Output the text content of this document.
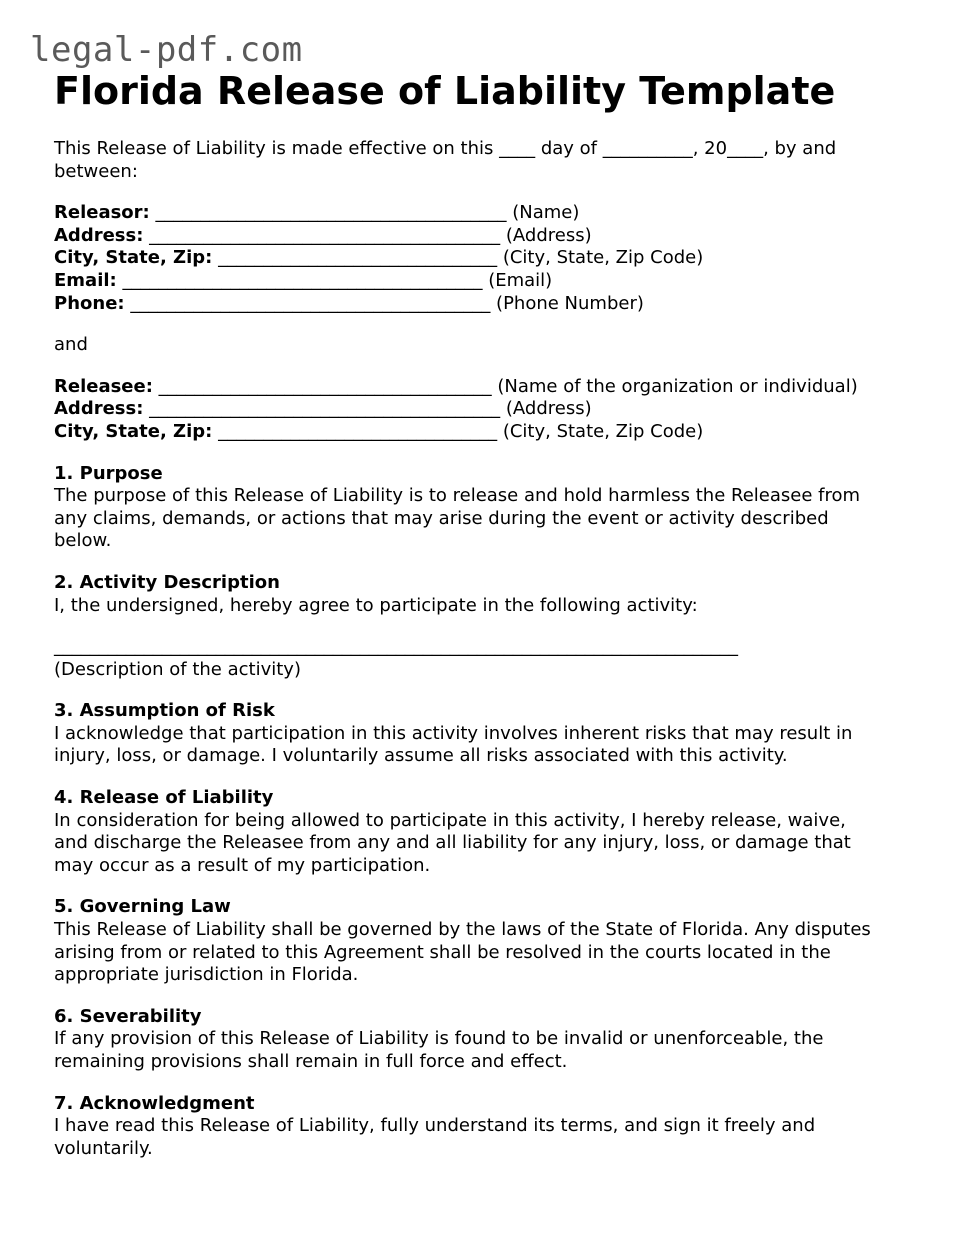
legal-pdf.com
Florida Release of Liability Template
This Release of Liability is made effective on this ____ day of __________, 20____, by and
between:
Releasor: _______________________________________ (Name)
Address: _______________________________________ (Address)
City, State, Zip: _______________________________ (City, State, Zip Code)
Email: ________________________________________ (Email)
Phone: ________________________________________ (Phone Number)
and
Releasee: _____________________________________ (Name of the organization or individual)
Address: _______________________________________ (Address)
City, State, Zip: _______________________________ (City, State, Zip Code)
1. Purpose
The purpose of this Release of Liability is to release and hold harmless the Releasee from
any claims, demands, or actions that may arise during the event or activity described
below.
2. Activity Description
I, the undersigned, hereby agree to participate in the following activity:
____________________________________________________________________________
(Description of the activity)
3. Assumption of Risk
I acknowledge that participation in this activity involves inherent risks that may result in
injury, loss, or damage. I voluntarily assume all risks associated with this activity.
4. Release of Liability
In consideration for being allowed to participate in this activity, I hereby release, waive,
and discharge the Releasee from any and all liability for any injury, loss, or damage that
may occur as a result of my participation.
5. Governing Law
This Release of Liability shall be governed by the laws of the State of Florida. Any disputes
arising from or related to this Agreement shall be resolved in the courts located in the
appropriate jurisdiction in Florida.
6. Severability
If any provision of this Release of Liability is found to be invalid or unenforceable, the
remaining provisions shall remain in full force and effect.
7. Acknowledgment
I have read this Release of Liability, fully understand its terms, and sign it freely and
voluntarily.
